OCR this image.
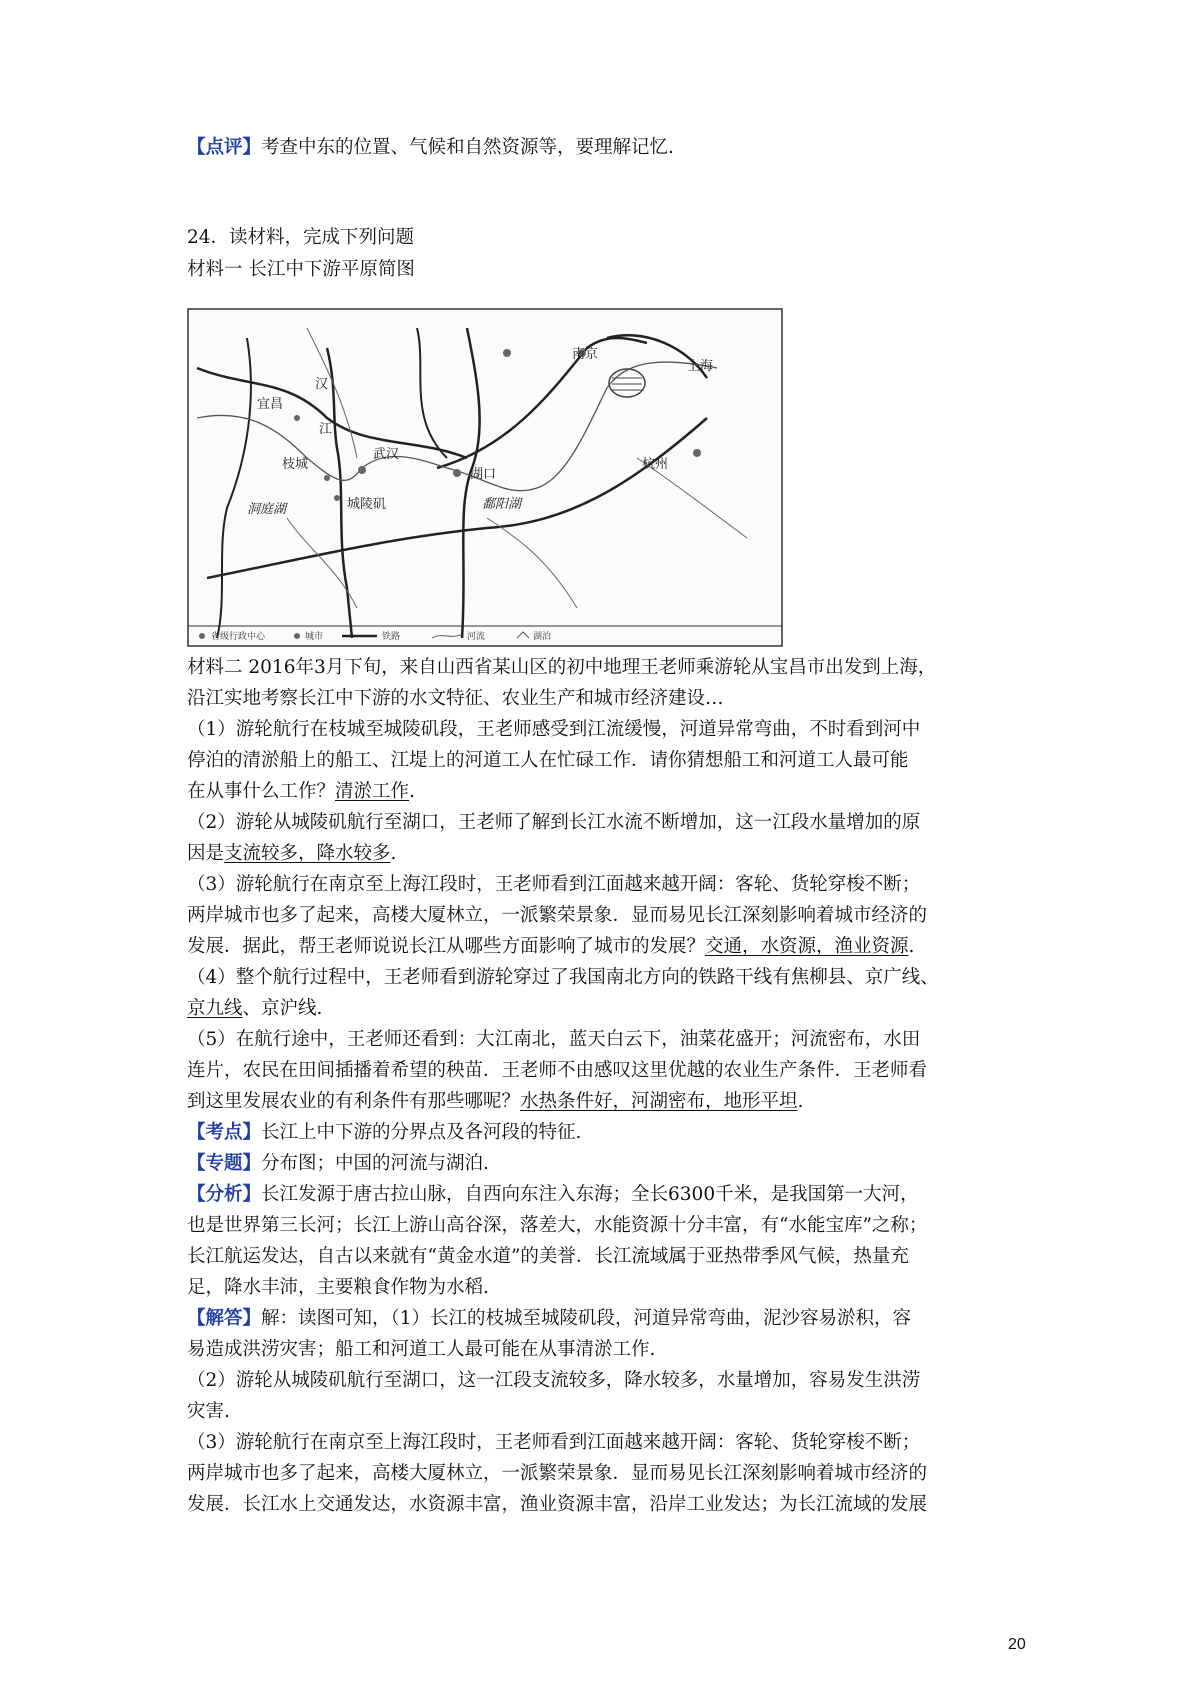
【点评】考查中东的位置、气候和自然资源等，要理解记忆.
24．读材料，完成下列问题
材料一 长江中下游平原简图
南京
上海
宜昌
汉
江
枝城
武汉
湖口
杭州
城陵矶
洞庭湖	鄱阳湖
省级行政中心	城市	铁路	河流	湖泊
材料二 2016年3月下旬，来自山西省某山区的初中地理王老师乘游轮从宝昌市出发到上海，
沿江实地考察长江中下游的水文特征、农业生产和城市经济建设…
（1）游轮航行在枝城至城陵矶段，王老师感受到江流缓慢，河道异常弯曲，不时看到河中
停泊的清淤船上的船工、江堤上的河道工人在忙碌工作．请你猜想船工和河道工人最可能
在从事什么工作？清淤工作.
（2）游轮从城陵矶航行至湖口，王老师了解到长江水流不断增加，这一江段水量增加的原
因是支流较多，降水较多.
（3）游轮航行在南京至上海江段时，王老师看到江面越来越开阔：客轮、货轮穿梭不断；
两岸城市也多了起来，高楼大厦林立，一派繁荣景象．显而易见长江深刻影响着城市经济的
发展．据此，帮王老师说说长江从哪些方面影响了城市的发展？交通，水资源，渔业资源.
（4）整个航行过程中，王老师看到游轮穿过了我国南北方向的铁路干线有焦柳县、京广线、
京九线、京沪线.
（5）在航行途中，王老师还看到：大江南北，蓝天白云下，油菜花盛开；河流密布，水田
连片，农民在田间插播着希望的秧苗．王老师不由感叹这里优越的农业生产条件．王老师看
到这里发展农业的有利条件有那些哪呢？水热条件好，河湖密布，地形平坦.
【考点】长江上中下游的分界点及各河段的特征.
【专题】分布图；中国的河流与湖泊.
【分析】长江发源于唐古拉山脉，自西向东注入东海；全长6300千米，是我国第一大河，
也是世界第三长河；长江上游山高谷深，落差大，水能资源十分丰富，有“水能宝库”之称；
长江航运发达，自古以来就有“黄金水道”的美誉．长江流域属于亚热带季风气候，热量充
足，降水丰沛，主要粮食作物为水稻.
【解答】解：读图可知，（1）长江的枝城至城陵矶段，河道异常弯曲，泥沙容易淤积，容
易造成洪涝灾害；船工和河道工人最可能在从事清淤工作.
（2）游轮从城陵矶航行至湖口，这一江段支流较多，降水较多，水量增加，容易发生洪涝
灾害.
（3）游轮航行在南京至上海江段时，王老师看到江面越来越开阔：客轮、货轮穿梭不断；
两岸城市也多了起来，高楼大厦林立，一派繁荣景象．显而易见长江深刻影响着城市经济的
发展．长江水上交通发达，水资源丰富，渔业资源丰富，沿岸工业发达；为长江流域的发展
20
